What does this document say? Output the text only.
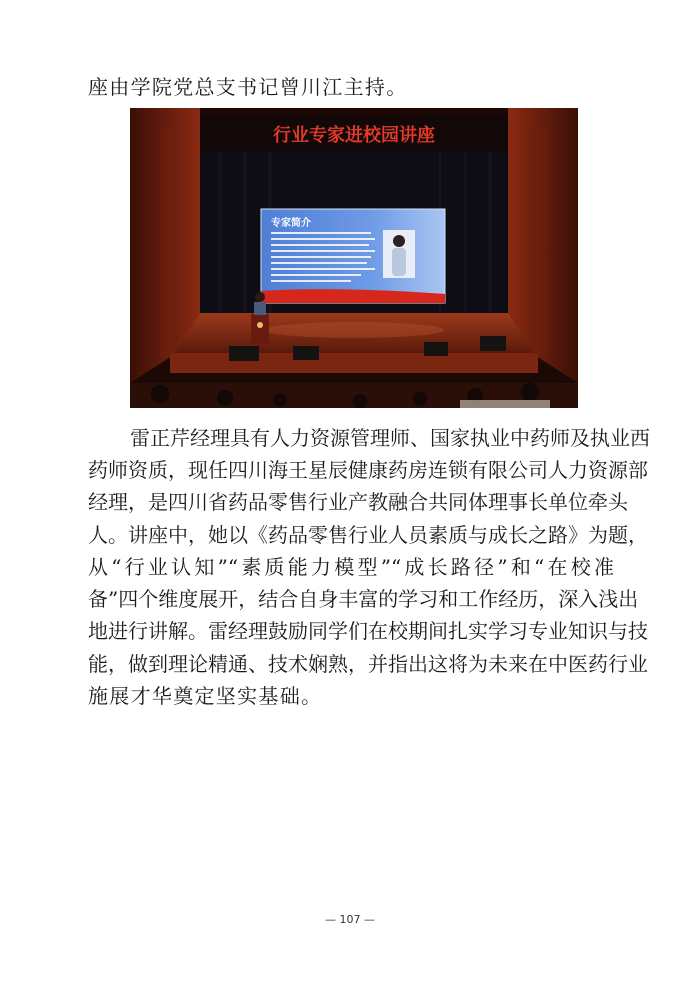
座由学院党总支书记曾川江主持。
行业专家进校园讲座
专家简介
雷正芹经理具有人力资源管理师、国家执业中药师及执业西
药师资质，现任四川海王星辰健康药房连锁有限公司人力资源部
经理，是四川省药品零售行业产教融合共同体理事长单位牵头
人。讲座中，她以《药品零售行业人员素质与成长之路》为题，
从“行业认知”“素质能力模型”“成长路径”和“在校准
备”四个维度展开，结合自身丰富的学习和工作经历，深入浅出
地进行讲解。雷经理鼓励同学们在校期间扎实学习专业知识与技
能，做到理论精通、技术娴熟，并指出这将为未来在中医药行业
施展才华奠定坚实基础。
— 107 —
